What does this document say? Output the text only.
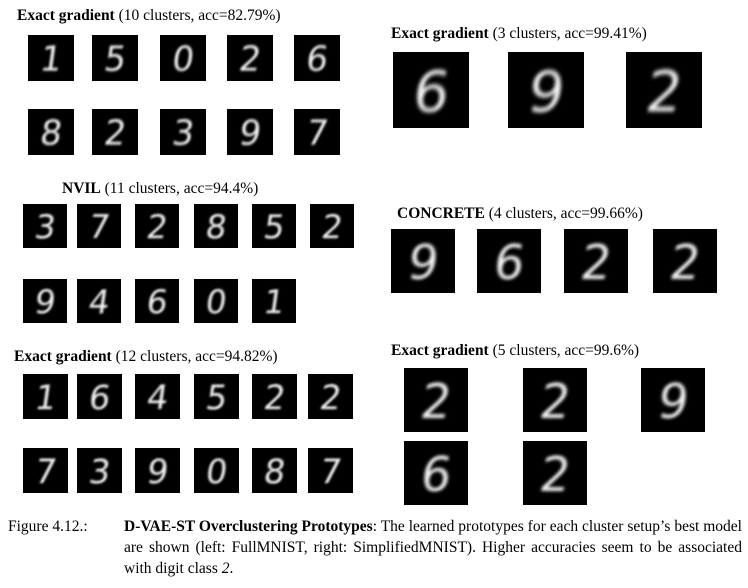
Exact gradient (10 clusters, acc=82.79%)
NVIL (11 clusters, acc=94.4%)
Exact gradient (12 clusters, acc=94.82%)
Exact gradient (3 clusters, acc=99.41%)
CONCRETE (4 clusters, acc=99.66%)
Exact gradient (5 clusters, acc=99.6%)
1 5 0 2 6
8 2 3 9 7
3 7 2 8 5 2
9 4 6 0 1
1 6 4 5 2 2
7 3 9 0 8 7
6 9 2
9 6 2 2
2 2 9
6 2
Figure 4.12.: D-VAE-ST Overclustering Prototypes: The learned prototypes for each cluster setup’s best model are shown (left: FullMNIST, right: SimplifiedMNIST). Higher accuracies seem to be associated with digit class 2.
